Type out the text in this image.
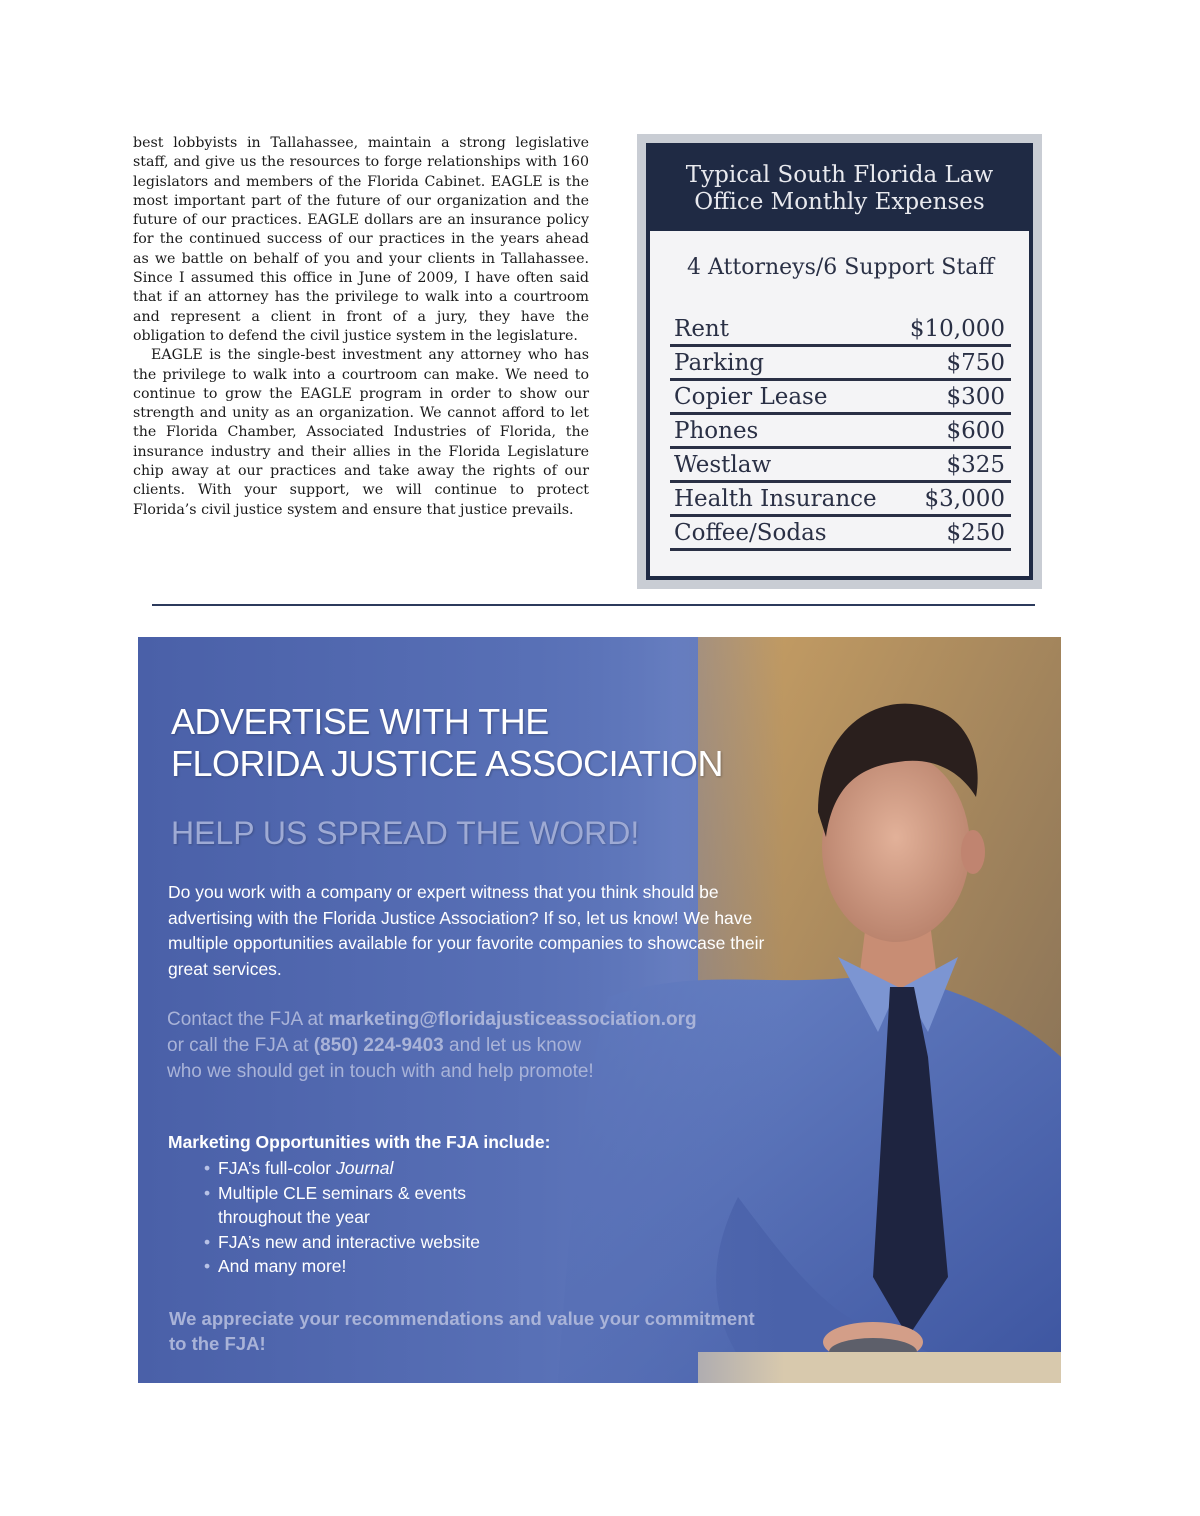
best lobbyists in Tallahassee, maintain a strong legislative staff, and give us the resources to forge relationships with 160 legislators and members of the Florida Cabinet. EAGLE is the most important part of the future of our organization and the future of our practices. EAGLE dollars are an insurance policy for the continued success of our practices in the years ahead as we battle on behalf of you and your clients in Tallahassee. Since I assumed this office in June of 2009, I have often said that if an attorney has the privilege to walk into a courtroom and represent a client in front of a jury, they have the obligation to defend the civil justice system in the legislature.

EAGLE is the single-best investment any attorney who has the privilege to walk into a courtroom can make. We need to continue to grow the EAGLE program in order to show our strength and unity as an organization. We cannot afford to let the Florida Chamber, Associated Industries of Florida, the insurance industry and their allies in the Florida Legislature chip away at our practices and take away the rights of our clients. With your support, we will continue to protect Florida’s civil justice system and ensure that justice prevails.

Typical South Florida Law
Office Monthly Expenses
4 Attorneys/6 Support Staff
Rent	$10,000
Parking	$750
Copier Lease	$300
Phones	$600
Westlaw	$325
Health Insurance $3,000
Coffee/Sodas	$250
ADVERTISE WITH THE
FLORIDA JUSTICE ASSOCIATION
HELP US SPREAD THE WORD!
Do you work with a company or expert witness that you think should be advertising with the Florida Justice Association? If so, let us know! We have multiple opportunities available for your favorite companies to showcase their great services.
Contact the FJA at marketing@floridajusticeassociation.org
or call the FJA at (850) 224-9403 and let us know
who we should get in touch with and help promote!
Marketing Opportunities with the FJA include:
• FJA’s full-color Journal
• Multiple CLE seminars & events
throughout the year
• FJA’s new and interactive website
• And many more!
We appreciate your recommendations and value your commitment to the FJA!
